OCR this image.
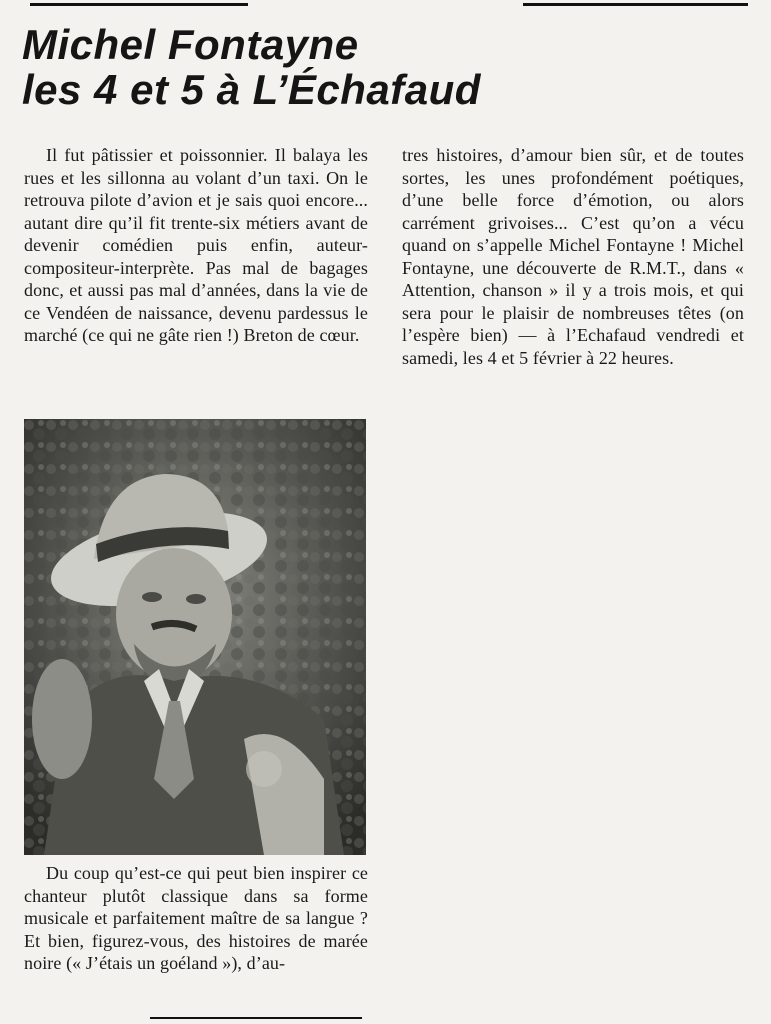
Michel Fontayne
les 4 et 5 à L’Échafaud

Il fut pâtissier et poissonnier. Il balaya les rues et les sillonna au volant d’un taxi. On le retrouva pilote d’avion et je sais quoi encore... autant dire qu’il fit trente-six métiers avant de devenir comédien puis enfin, auteur-compositeur-interprète. Pas mal de bagages donc, et aussi pas mal d’années, dans la vie de ce Vendéen de naissance, devenu pardessus le marché (ce qui ne gâte rien !) Breton de cœur.

Du coup qu’est-ce qui peut bien inspirer ce chanteur plutôt classique dans sa forme musicale et parfaitement maître de sa langue ? Et bien, figurez-vous, des histoires de marée noire (« J’étais un goéland »), d’au-

tres histoires, d’amour bien sûr, et de toutes sortes, les unes profondément poétiques, d’une belle force d’émotion, ou alors carrément grivoises... C’est qu’on a vécu quand on s’appelle Michel Fontayne ! Michel Fontayne, une découverte de R.M.T., dans « Attention, chanson » il y a trois mois, et qui sera pour le plaisir de nombreuses têtes (on l’espère bien) — à l’Echafaud vendredi et samedi, les 4 et 5 février à 22 heures.
